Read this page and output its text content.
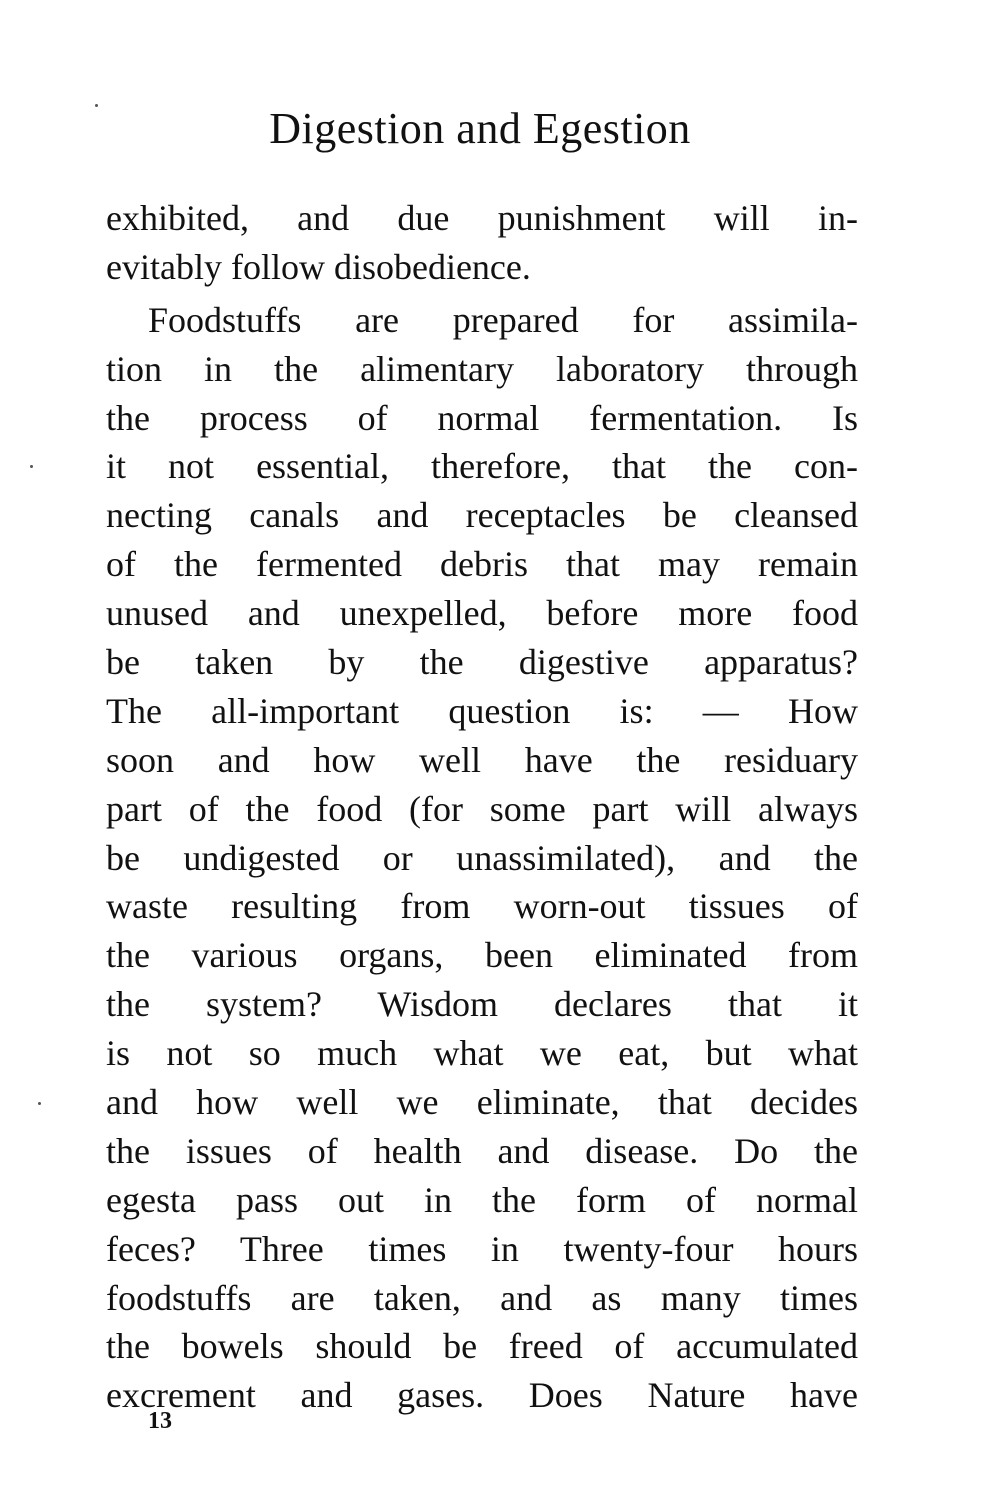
Digestion and Egestion
exhibited, and due punishment will in-
evitably follow disobedience.
Foodstuffs are prepared for assimila-
tion in the alimentary laboratory through
the process of normal fermentation. Is
it not essential, therefore, that the con-
necting canals and receptacles be cleansed
of the fermented debris that may remain
unused and unexpelled, before more food
be taken by the digestive apparatus?
The all-important question is: — How
soon and how well have the residuary
part of the food (for some part will always
be undigested or unassimilated), and the
waste resulting from worn-out tissues of
the various organs, been eliminated from
the system? Wisdom declares that it
is not so much what we eat, but what
and how well we eliminate, that decides
the issues of health and disease. Do the
egesta pass out in the form of normal
feces? Three times in twenty-four hours
foodstuffs are taken, and as many times
the bowels should be freed of accumulated
excrement and gases. Does Nature have
13
